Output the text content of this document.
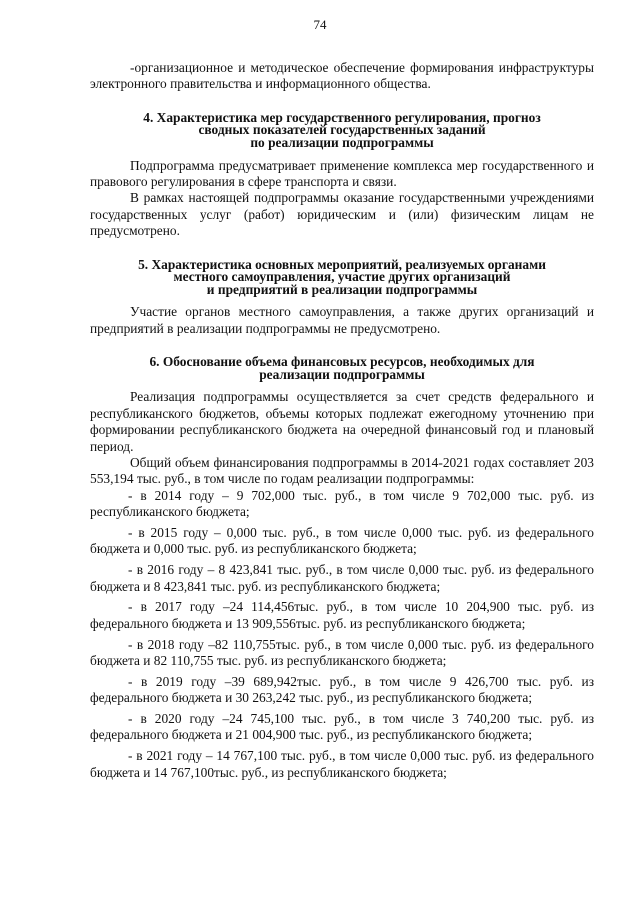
74

-организационное и методическое обеспечение формирования инфраструктуры электронного правительства и информационного общества.

4. Характеристика мер государственного регулирования, прогноз

сводных показателей государственных заданий

по реализации подпрограммы

Подпрограмма предусматривает применение комплекса мер государственного и правового регулирования в сфере транспорта и связи.

В рамках настоящей подпрограммы оказание государственными учреждениями государственных услуг (работ) юридическим и (или) физическим лицам не предусмотрено.

5. Характеристика основных мероприятий, реализуемых органами

местного самоуправления, участие других организаций

и предприятий в реализации подпрограммы

Участие органов местного самоуправления, а также других организаций и предприятий в реализации подпрограммы не предусмотрено.

6. Обоснование объема финансовых ресурсов, необходимых для

реализации подпрограммы

Реализация подпрограммы осуществляется за счет средств федерального и республиканского бюджетов, объемы которых подлежат ежегодному уточнению при формировании республиканского бюджета на очередной финансовый год и плановый период.

Общий объем финансирования подпрограммы в 2014-2021 годах составляет 203 553,194 тыс. руб., в том числе по годам реализации подпрограммы:

- в 2014 году – 9 702,000 тыс. руб., в том числе 9 702,000 тыс. руб. из республиканского бюджета;

- в 2015 году – 0,000 тыс. руб., в том числе 0,000 тыс. руб. из федерального бюджета и 0,000 тыс. руб. из республиканского бюджета;

- в 2016 году – 8 423,841 тыс. руб., в том числе 0,000 тыс. руб. из федерального бюджета и 8 423,841 тыс. руб. из республиканского бюджета;

- в 2017 году –24 114,456тыс. руб., в том числе 10 204,900 тыс. руб. из федерального бюджета и 13 909,556тыс. руб. из республиканского бюджета;

- в 2018 году –82 110,755тыс. руб., в том числе 0,000 тыс. руб. из федерального бюджета и 82 110,755 тыс. руб. из республиканского бюджета;

- в 2019 году –39 689,942тыс. руб., в том числе 9 426,700 тыс. руб. из федерального бюджета и 30 263,242 тыс. руб., из республиканского бюджета;

- в 2020 году –24 745,100 тыс. руб., в том числе 3 740,200 тыс. руб. из федерального бюджета и 21 004,900 тыс. руб., из республиканского бюджета;

- в 2021 году – 14 767,100 тыс. руб., в том числе 0,000 тыс. руб. из федерального бюджета и 14 767,100тыс. руб., из республиканского бюджета;
